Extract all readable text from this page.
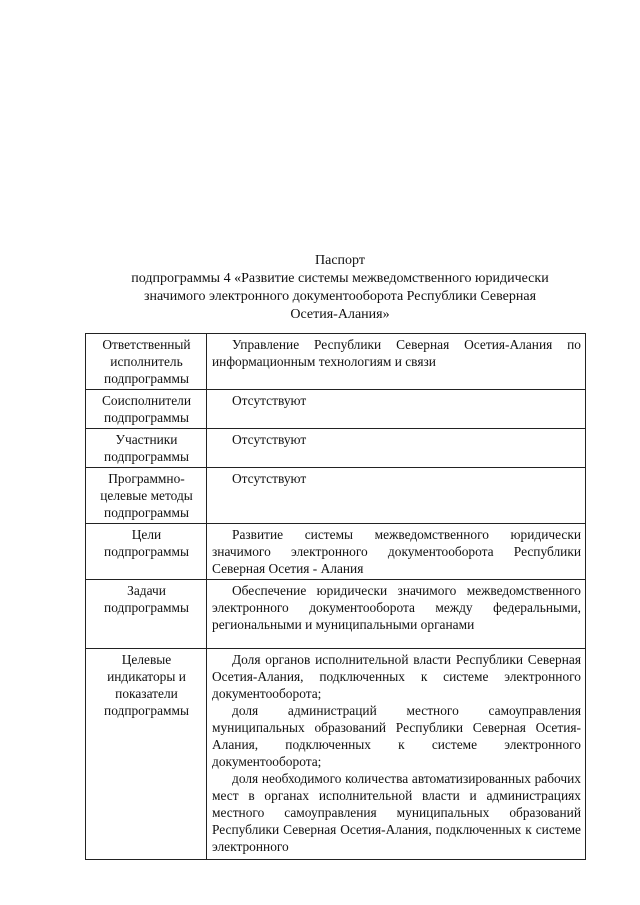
Паспорт
подпрограммы 4 «Развитие системы межведомственного юридически
значимого электронного документооборота Республики Северная
Осетия-Алания»
Ответственный исполнитель подпрограммы	Управление Республики Северная Осетия-Алания по информационным технологиям и связи

Соисполнители подпрограммы	Отсутствуют

Участники подпрограммы	Отсутствуют

Программно-целевые методы подпрограммы	Отсутствуют

Цели подпрограммы	Развитие системы межведомственного юридически значимого электронного документооборота Республики Северная Осетия - Алания

Задачи подпрограммы	Обеспечение юридически значимого межведомственного электронного документооборота между федеральными, региональными и муниципальными органами

Целевые индикаторы и показатели подпрограммы	Доля органов исполнительной власти Республики Северная Осетия-Алания, подключенных к системе электронного документооборота;
доля администраций местного самоуправления муниципальных образований Республики Северная Осетия-Алания, подключенных к системе электронного документооборота;
доля необходимого количества автоматизированных рабочих мест в органах исполнительной власти и администрациях местного самоуправления муниципальных образований Республики Северная Осетия-Алания, подключенных к системе электронного
